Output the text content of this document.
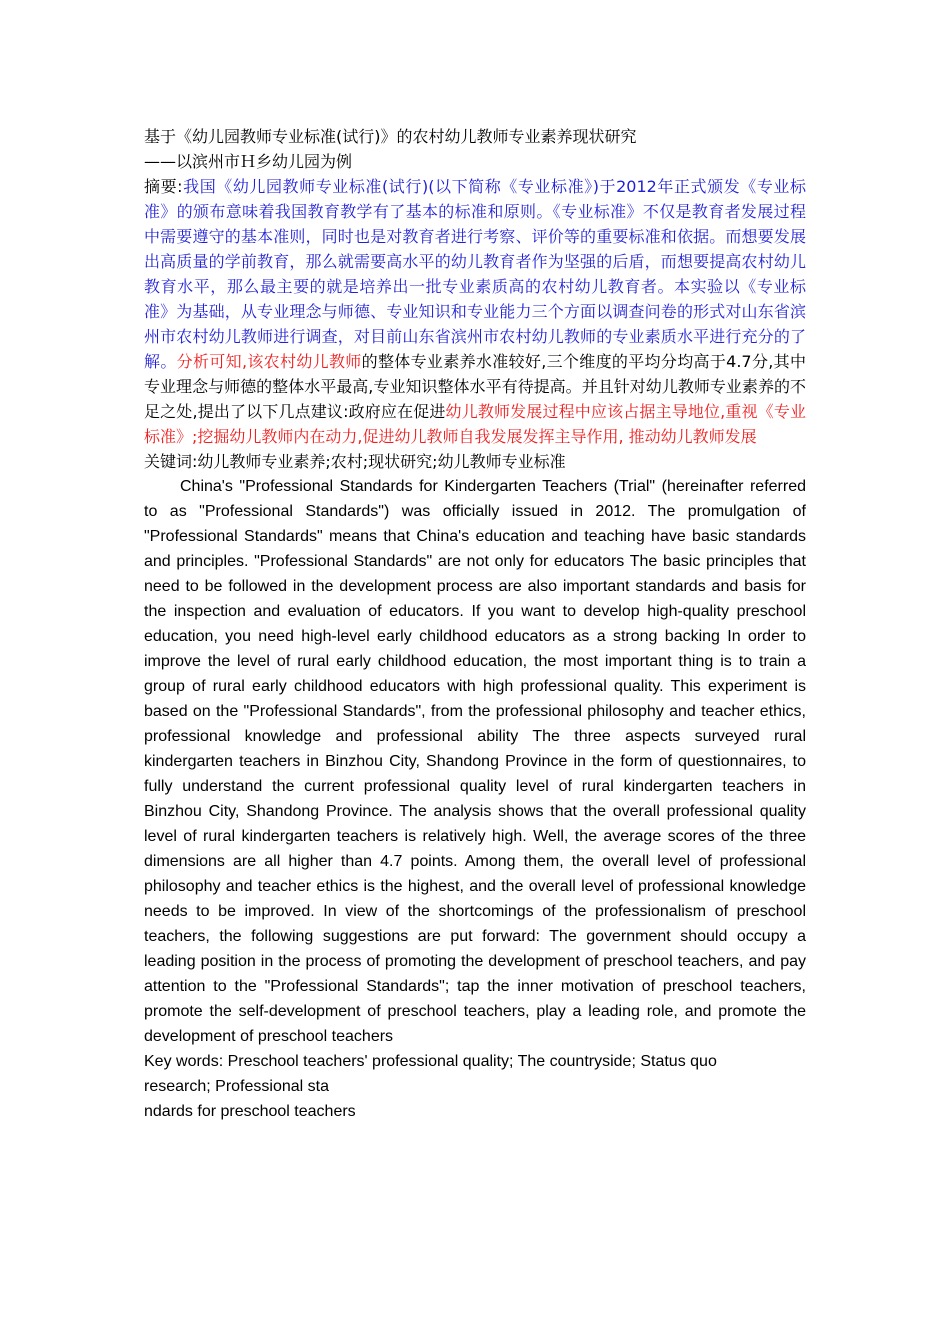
基于《幼儿园教师专业标准(试行)》的农村幼儿教师专业素养现状研究
——以滨州市Ｈ乡幼儿园为例
摘要:我国《幼儿园教师专业标准(试行)(以下简称《专业标准》)于2012年正式颁发《专业标准》的颁布意味着我国教育教学有了基本的标准和原则。《专业标准》不仅是教育者发展过程中需要遵守的基本准则，同时也是对教育者进行考察、评价等的重要标准和依据。而想要发展出高质量的学前教育，那么就需要高水平的幼儿教育者作为坚强的后盾，而想要提高农村幼儿教育水平，那么最主要的就是培养出一批专业素质高的农村幼儿教育者。本实验以《专业标准》为基础，从专业理念与师德、专业知识和专业能力三个方面以调查问卷的形式对山东省滨州市农村幼儿教师进行调查，对目前山东省滨州市农村幼儿教师的专业素质水平进行充分的了解。分析可知,该农村幼儿教师的整体专业素养水准较好,三个维度的平均分均高于4.7分,其中专业理念与师德的整体水平最高,专业知识整体水平有待提高。并且针对幼儿教师专业素养的不足之处,提出了以下几点建议:政府应在促进幼儿教师发展过程中应该占据主导地位,重视《专业标准》;挖掘幼儿教师内在动力,促进幼儿教师自我发展发挥主导作用, 推动幼儿教师发展
关键词:幼儿教师专业素养;农村;现状研究;幼儿教师专业标准
China's "Professional Standards for Kindergarten Teachers (Trial" (hereinafter referred to as "Professional Standards") was officially issued in 2012. The promulgation of "Professional Standards" means that China's education and teaching have basic standards and principles. "Professional Standards" are not only for educators The basic principles that need to be followed in the development process are also important standards and basis for the inspection and evaluation of educators. If you want to develop high-quality preschool education, you need high-level early childhood educators as a strong backing In order to improve the level of rural early childhood education, the most important thing is to train a group of rural early childhood educators with high professional quality. This experiment is based on the "Professional Standards", from the professional philosophy and teacher ethics, professional knowledge and professional ability The three aspects surveyed rural kindergarten teachers in Binzhou City, Shandong Province in the form of questionnaires, to fully understand the current professional quality level of rural kindergarten teachers in Binzhou City, Shandong Province. The analysis shows that the overall professional quality level of rural kindergarten teachers is relatively high. Well, the average scores of the three dimensions are all higher than 4.7 points. Among them, the overall level of professional philosophy and teacher ethics is the highest, and the overall level of professional knowledge needs to be improved. In view of the shortcomings of the professionalism of preschool teachers, the following suggestions are put forward: The government should occupy a leading position in the process of promoting the development of preschool teachers, and pay attention to the "Professional Standards"; tap the inner motivation of preschool teachers, promote the self-development of preschool teachers, play a leading role, and promote the development of preschool teachers
Key words: Preschool teachers' professional quality; The countryside; Status quo
research; Professional sta
ndards for preschool teachers
